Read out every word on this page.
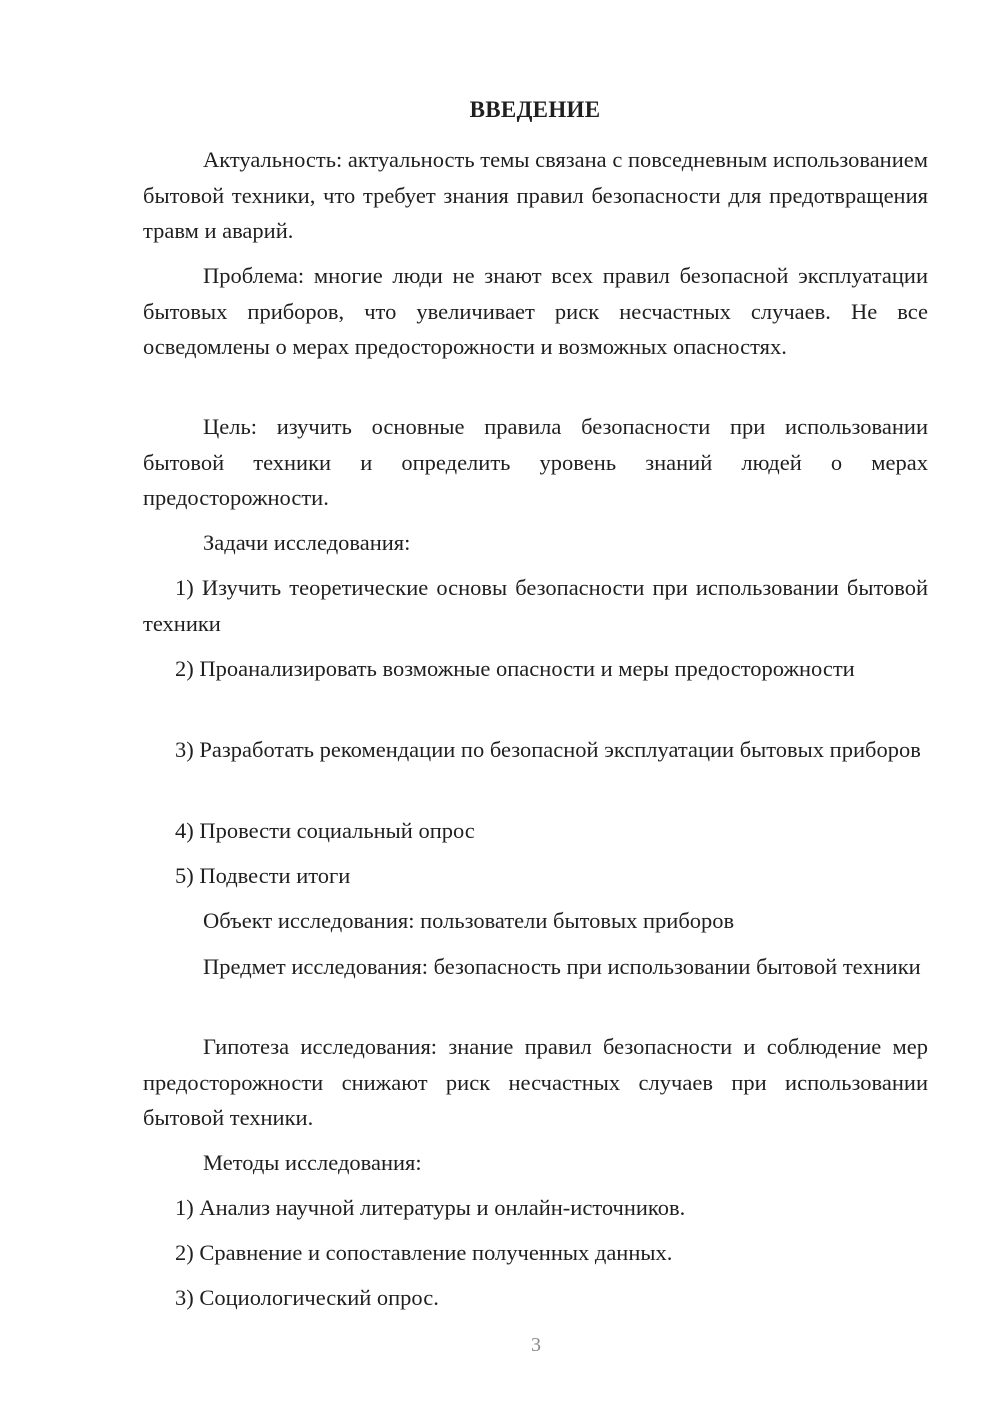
ВВЕДЕНИЕ

Актуальность: актуальность темы связана с повседневным использованием бытовой техники, что требует знания правил безопасности для предотвращения травм и аварий.

Проблема: многие люди не знают всех правил безопасной эксплуатации бытовых приборов, что увеличивает риск несчастных случаев. Не все осведомлены о мерах предосторожности и возможных опасностях.

Цель: изучить основные правила безопасности при использовании бытовой техники и определить уровень знаний людей о мерах предосторожности.

Задачи исследования:

1) Изучить теоретические основы безопасности при использовании бытовой техники

2) Проанализировать возможные опасности и меры предосторожности

3) Разработать рекомендации по безопасной эксплуатации бытовых приборов

4) Провести социальный опрос

5) Подвести итоги

Объект исследования: пользователи бытовых приборов

Предмет исследования: безопасность при использовании бытовой техники

Гипотеза исследования: знание правил безопасности и соблюдение мер предосторожности снижают риск несчастных случаев при использовании бытовой техники.

Методы исследования:

1) Анализ научной литературы и онлайн-источников.

2) Сравнение и сопоставление полученных данных.

3) Социологический опрос.

3
